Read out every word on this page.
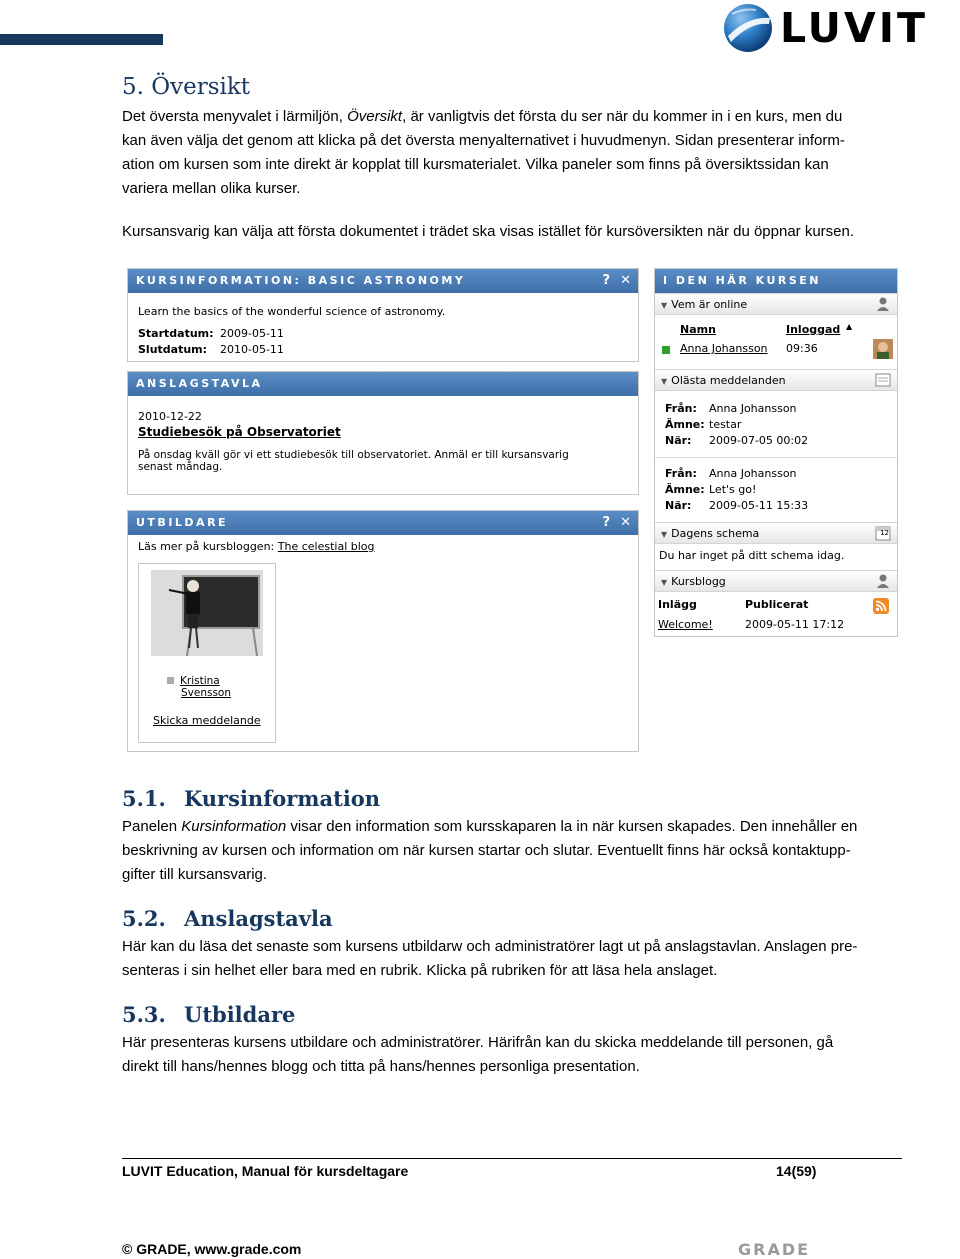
LUVIT
5. Översikt
Det översta menyvalet i lärmiljön, Översikt, är vanligtvis det första du ser när du kommer in i en kurs, men du
kan även välja det genom att klicka på det översta menyalternativet i huvudmenyn. Sidan presenterar inform-
ation om kursen som inte direkt är kopplat till kursmaterialet. Vilka paneler som finns på översiktssidan kan
variera mellan olika kurser.
Kursansvarig kan välja att första dokumentet i trädet ska visas istället för kursöversikten när du öppnar kursen.
KURSINFORMATION: BASIC ASTRONOMY	? ✕
Learn the basics of the wonderful science of astronomy.
Startdatum: 2009-05-11
Slutdatum:	2010-05-11
ANSLAGSTAVLA
2010-12-22
Studiebesök på Observatoriet
På onsdag kväll gör vi ett studiebesök till observatoriet. Anmäl er till kursansvarig
senast måndag.
UTBILDARE	? ✕
Läs mer på kursbloggen: The celestial blog
Kristina
Svensson
Skicka meddelande
I DEN HÄR KURSEN
▼ Vem är online
Namn	Inloggad ▲
Anna Johansson 09:36
▼ Olästa meddelanden
Från:	Anna Johansson
Ämne: testar
När:	2009-07-05 00:02
Från:	Anna Johansson
Ämne: Let's go!
När:	2009-05-11 15:33
▼ Dagens schema	12
Du har inget på ditt schema idag.
▼ Kursblogg
Inlägg	Publicerat
Welcome!	2009-05-11 17:12
5.1. Kursinformation
Panelen Kursinformation visar den information som kursskaparen la in när kursen skapades. Den innehåller en
beskrivning av kursen och information om när kursen startar och slutar. Eventuellt finns här också kontaktupp-
gifter till kursansvarig.
5.2. Anslagstavla
Här kan du läsa det senaste som kursens utbildarw och administratörer lagt ut på anslagstavlan. Anslagen pre-
senteras i sin helhet eller bara med en rubrik. Klicka på rubriken för att läsa hela anslaget.
5.3. Utbildare
Här presenteras kursens utbildare och administratörer. Härifrån kan du skicka meddelande till personen, gå
direkt till hans/hennes blogg och titta på hans/hennes personliga presentation.
LUVIT Education, Manual för kursdeltagare	14(59)
© GRADE, www.grade.com	GRADE
